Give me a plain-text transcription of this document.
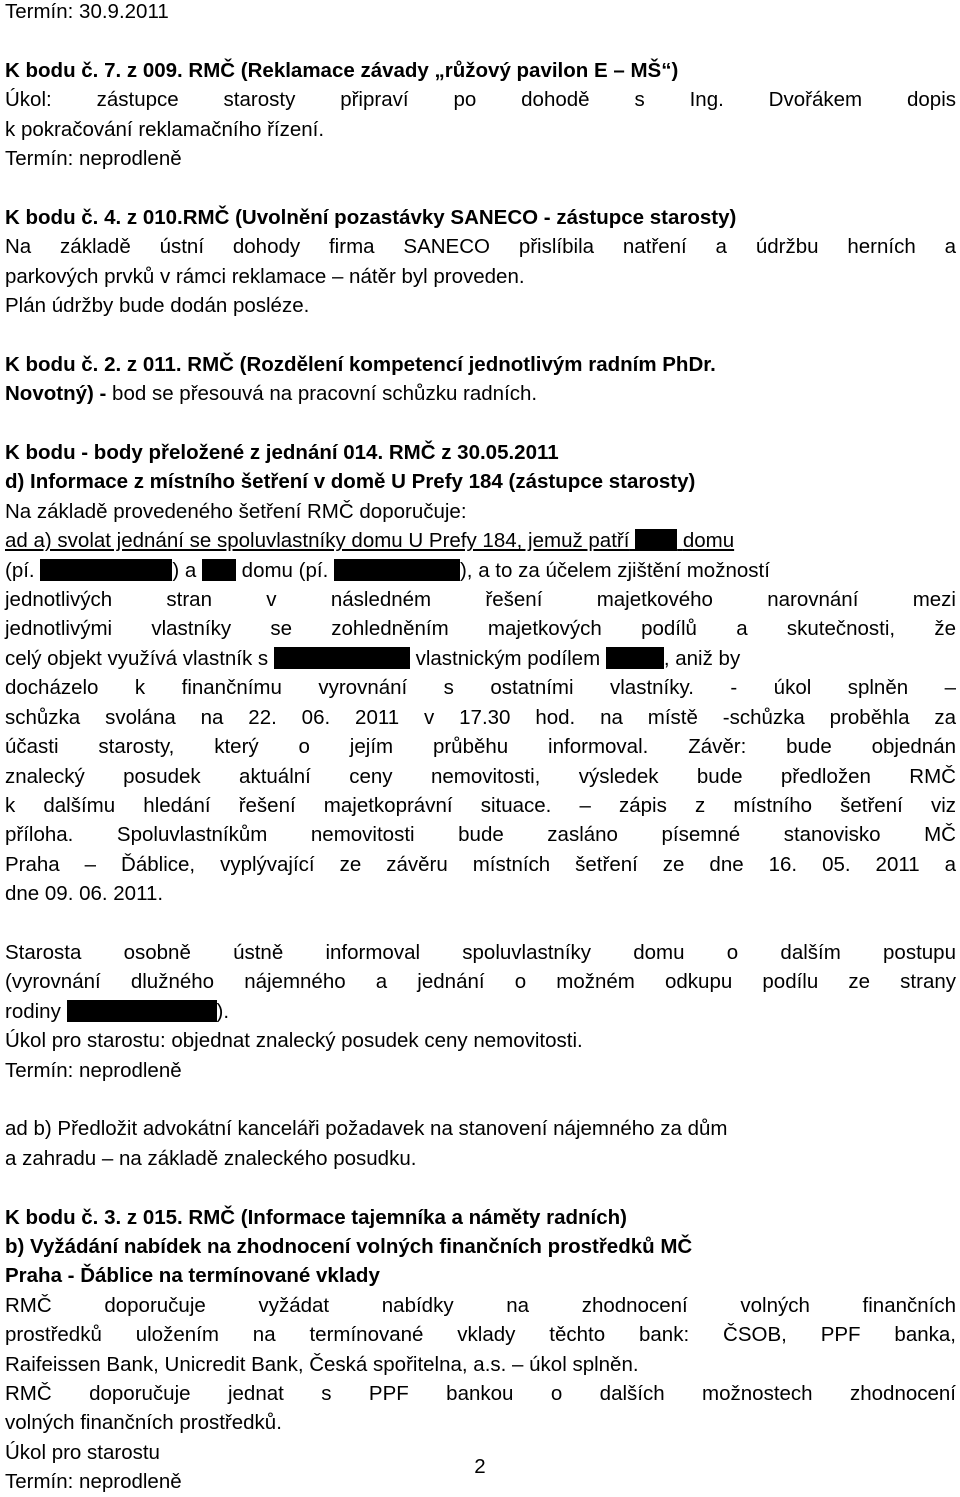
Termín: 30.9.2011
K bodu č. 7. z 009. RMČ (Reklamace závady „růžový pavilon E – MŠ“)
Úkol: zástupce starosty připraví po dohodě s Ing. Dvořákem dopis
k pokračování reklamačního řízení.
Termín: neprodleně
K bodu č. 4. z 010.RMČ (Uvolnění pozastávky SANECO - zástupce starosty)
Na základě ústní dohody firma SANECO přislíbila natření a údržbu herních a
parkových prvků v rámci reklamace – nátěr byl proveden.
Plán údržby bude dodán posléze.
K bodu č. 2. z 011. RMČ (Rozdělení kompetencí jednotlivým radním PhDr.
Novotný) - bod se přesouvá na pracovní schůzku radních.
K bodu - body přeložené z jednání 014. RMČ z 30.05.2011
d) Informace z místního šetření v domě U Prefy 184 (zástupce starosty)
Na základě provedeného šetření RMČ doporučuje:
ad a) svolat jednání se spoluvlastníky domu U Prefy 184, jemuž patří	domu
(pí.	) a domu (pí.	), a to za účelem zjištění možností
jednotlivých stran v následném řešení majetkového narovnání mezi
jednotlivými vlastníky se zohledněním majetkových podílů a skutečnosti, že
celý objekt využívá vlastník s	vlastnickým podílem	, aniž by
docházelo k finančnímu vyrovnání s ostatními vlastníky. - úkol splněn –
schůzka svolána na 22. 06. 2011 v 17.30 hod. na místě -schůzka proběhla za
účasti starosty, který o jejím průběhu informoval. Závěr: bude objednán
znalecký posudek aktuální ceny nemovitosti, výsledek bude předložen RMČ
k dalšímu hledání řešení majetkoprávní situace. – zápis z místního šetření viz
příloha. Spoluvlastníkům nemovitosti bude zasláno písemné stanovisko MČ
Praha – Ďáblice, vyplývající ze závěru místních šetření ze dne 16. 05. 2011 a
dne 09. 06. 2011.
Starosta osobně ústně informoval spoluvlastníky domu o dalším postupu
(vyrovnání dlužného nájemného a jednání o možném odkupu podílu ze strany
rodiny	).
Úkol pro starostu: objednat znalecký posudek ceny nemovitosti.
Termín: neprodleně
ad b) Předložit advokátní kanceláři požadavek na stanovení nájemného za dům
a zahradu – na základě znaleckého posudku.
K bodu č. 3. z 015. RMČ (Informace tajemníka a náměty radních)
b) Vyžádání nabídek na zhodnocení volných finančních prostředků MČ
Praha - Ďáblice na termínované vklady
RMČ doporučuje vyžádat nabídky na zhodnocení volných finančních
prostředků uložením na termínované vklady těchto bank: ČSOB, PPF banka,
Raifeissen Bank, Unicredit Bank, Česká spořitelna, a.s. – úkol splněn.
RMČ doporučuje jednat s PPF bankou o dalších možnostech zhodnocení
volných finančních prostředků.
Úkol pro starostu
Termín: neprodleně
2
